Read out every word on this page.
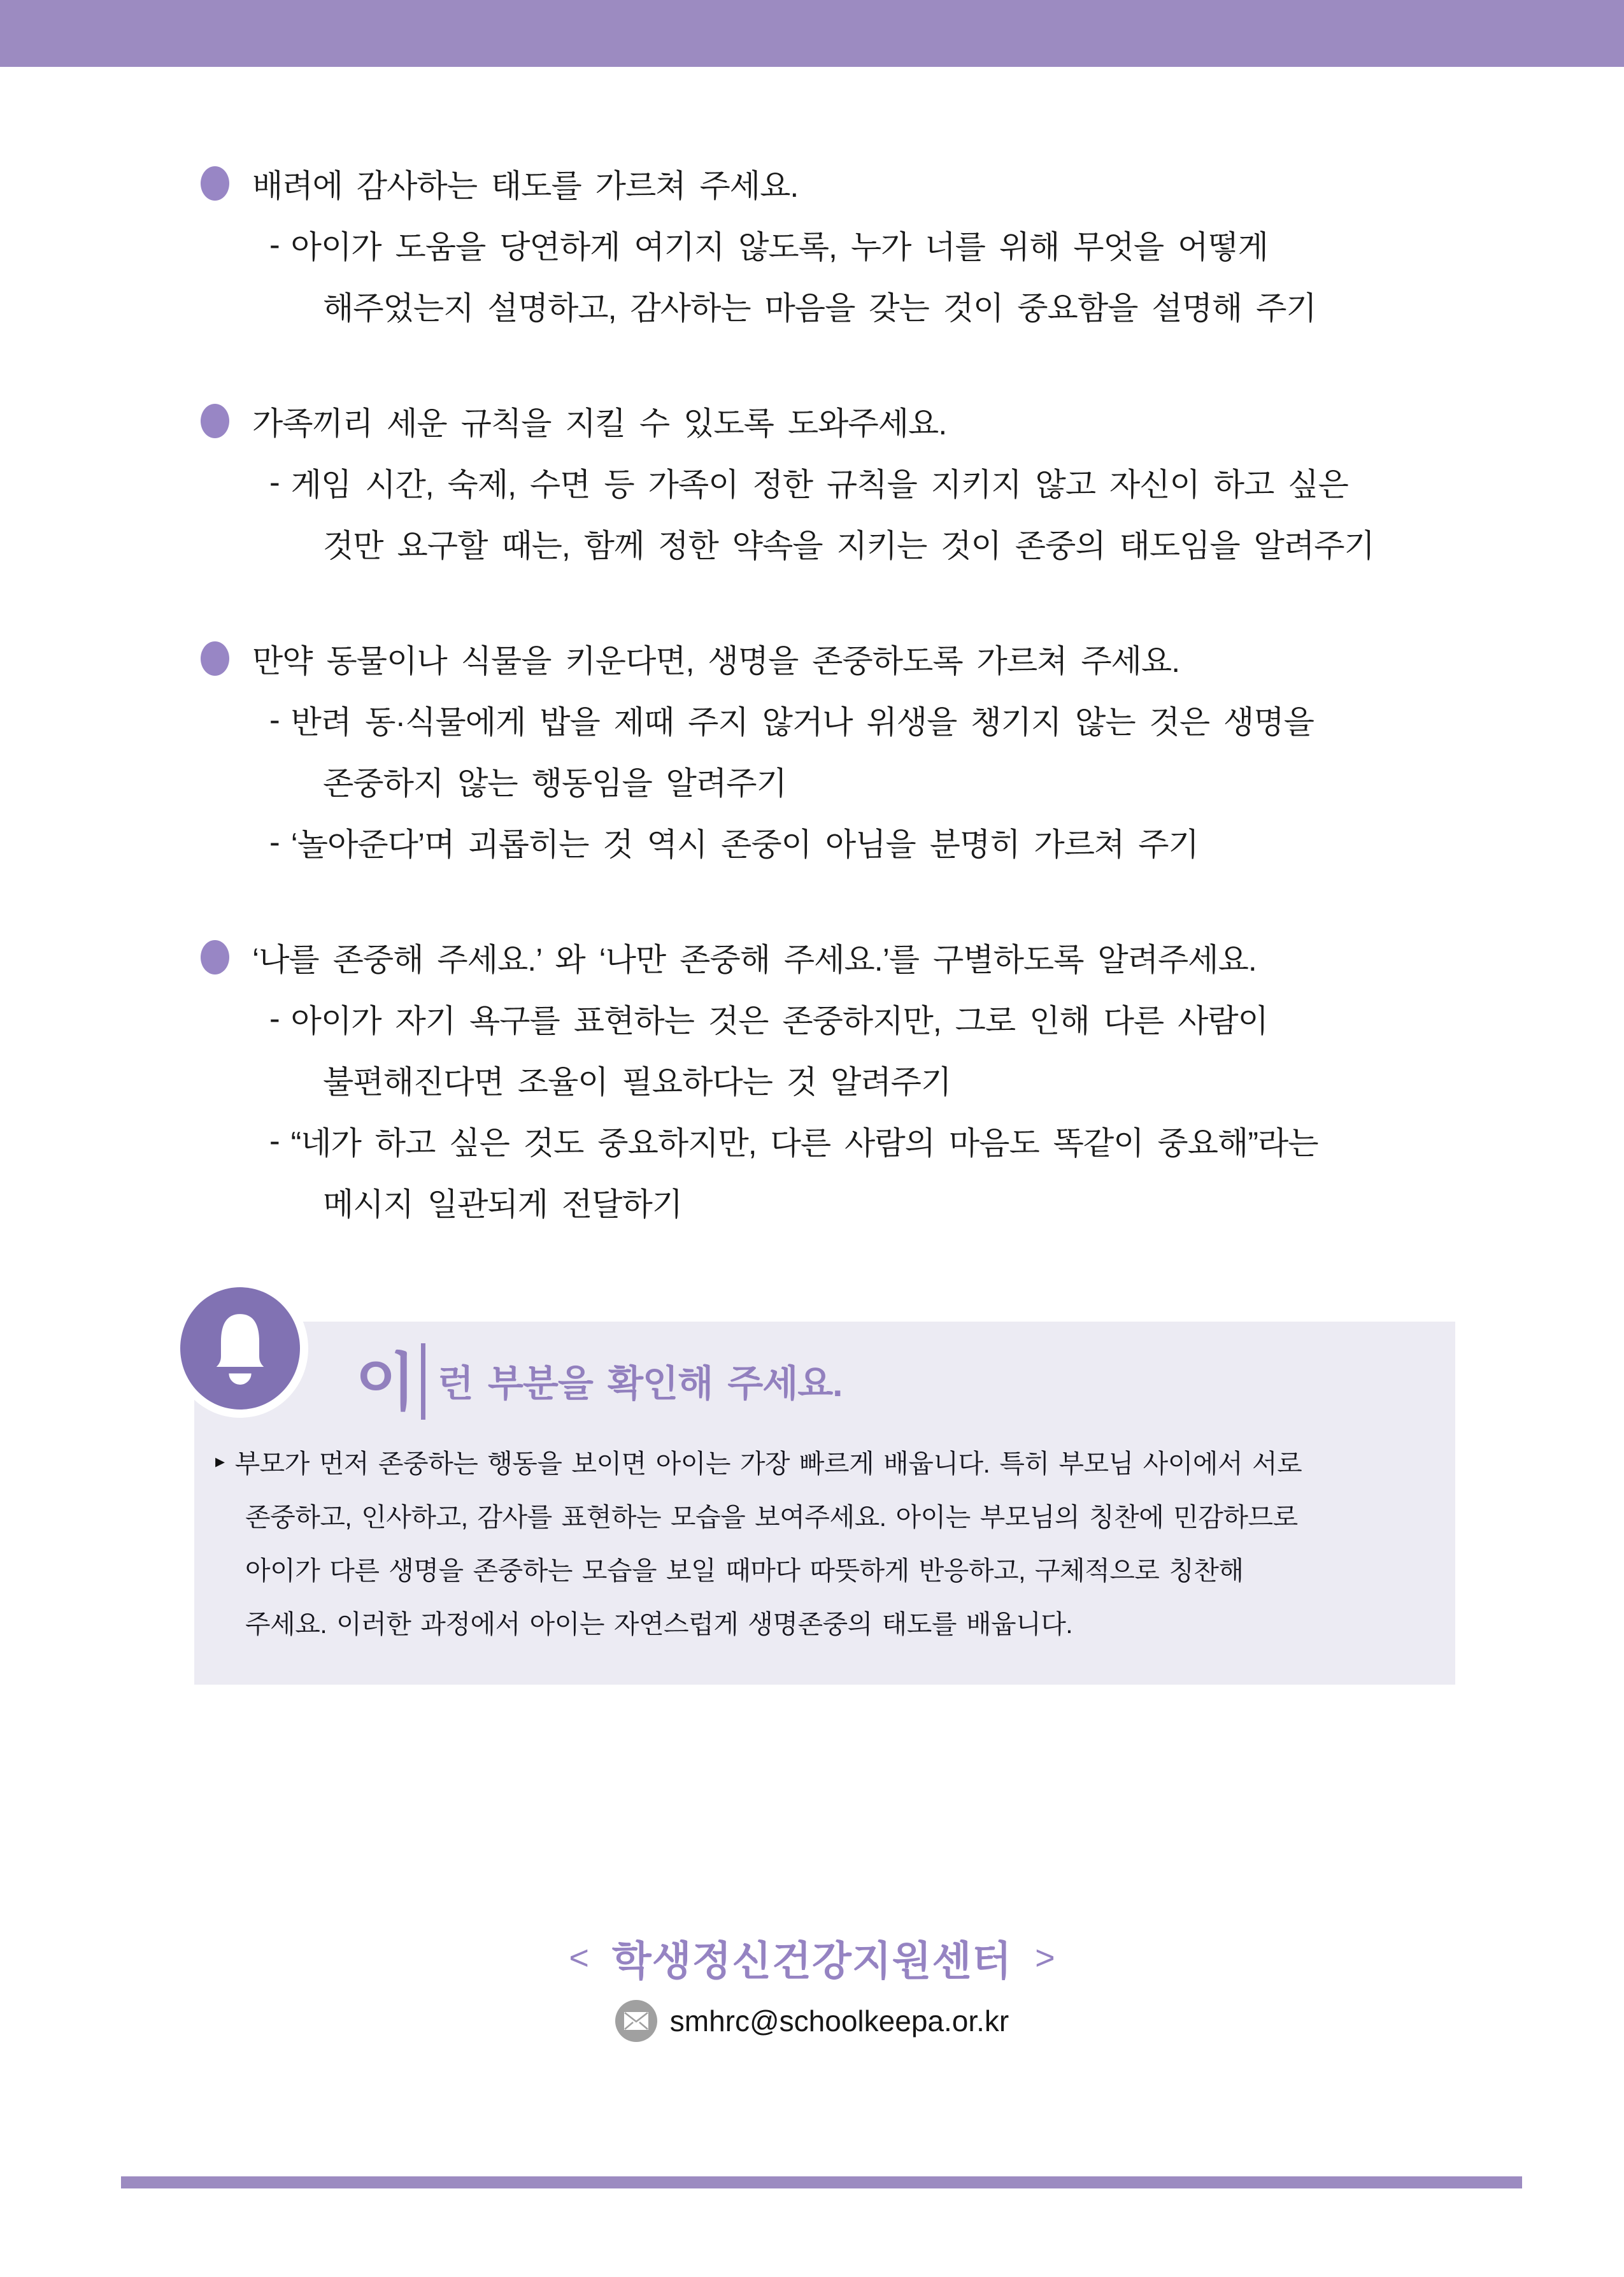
배려에 감사하는 태도를 가르쳐 주세요.
- 아이가 도움을 당연하게 여기지 않도록, 누가 너를 위해 무엇을 어떻게
해주었는지 설명하고, 감사하는 마음을 갖는 것이 중요함을 설명해 주기
가족끼리 세운 규칙을 지킬 수 있도록 도와주세요.
- 게임 시간, 숙제, 수면 등 가족이 정한 규칙을 지키지 않고 자신이 하고 싶은
것만 요구할 때는, 함께 정한 약속을 지키는 것이 존중의 태도임을 알려주기
만약 동물이나 식물을 키운다면, 생명을 존중하도록 가르쳐 주세요.
- 반려 동·식물에게 밥을 제때 주지 않거나 위생을 챙기지 않는 것은 생명을
존중하지 않는 행동임을 알려주기
- ‘놀아준다’며 괴롭히는 것 역시 존중이 아님을 분명히 가르쳐 주기
‘나를 존중해 주세요.’ 와 ‘나만 존중해 주세요.’를 구별하도록 알려주세요.
- 아이가 자기 욕구를 표현하는 것은 존중하지만, 그로 인해 다른 사람이
불편해진다면 조율이 필요하다는 것 알려주기
- “네가 하고 싶은 것도 중요하지만, 다른 사람의 마음도 똑같이 중요해”라는
메시지 일관되게 전달하기
이 런 부분을 확인해 주세요.
▸ 부모가 먼저 존중하는 행동을 보이면 아이는 가장 빠르게 배웁니다. 특히 부모님 사이에서 서로
존중하고, 인사하고, 감사를 표현하는 모습을 보여주세요. 아이는 부모님의 칭찬에 민감하므로
아이가 다른 생명을 존중하는 모습을 보일 때마다 따뜻하게 반응하고, 구체적으로 칭찬해
주세요. 이러한 과정에서 아이는 자연스럽게 생명존중의 태도를 배웁니다.
< 학생정신건강지원센터 >
smhrc@schoolkeepa.or.kr
